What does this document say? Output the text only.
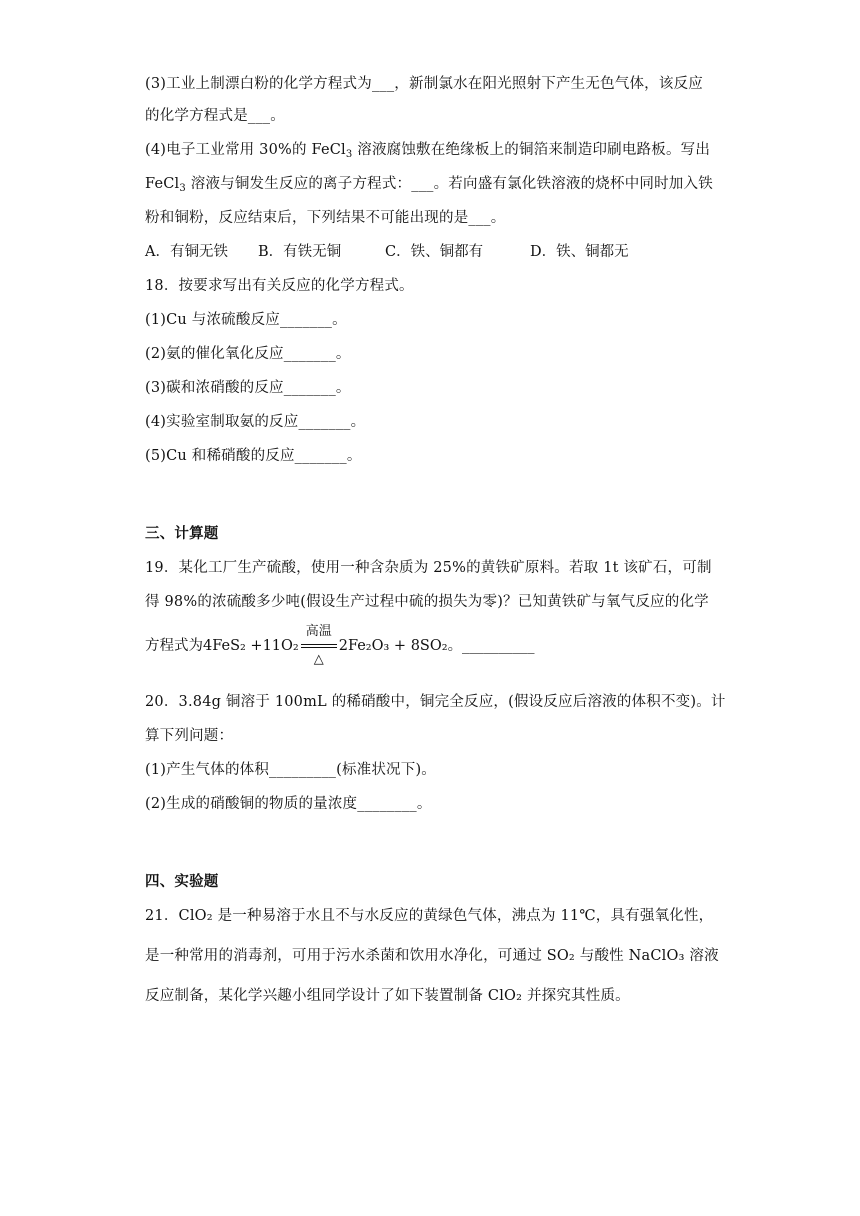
(3)工业上制漂白粉的化学方程式为___，新制氯水在阳光照射下产生无色气体，该反应
的化学方程式是___。
(4)电子工业常用 30%的 FeCl$_3$ 溶液腐蚀敷在绝缘板上的铜箔来制造印刷电路板。写出
FeCl$_3$ 溶液与铜发生反应的离子方程式：___。若向盛有氯化铁溶液的烧杯中同时加入铁
粉和铜粉，反应结束后，下列结果不可能出现的是___。
A．有铜无铁 B．有铁无铜	C．铁、铜都有	D．铁、铜都无
18．按要求写出有关反应的化学方程式。
(1)Cu 与浓硫酸反应_______。
(2)氨的催化氧化反应_______。
(3)碳和浓硝酸的反应_______。
(4)实验室制取氨的反应_______。
(5)Cu 和稀硝酸的反应_______。
三、计算题
19．某化工厂生产硫酸，使用一种含杂质为 25%的黄铁矿原料。若取 1t 该矿石，可制
得 98%的浓硫酸多少吨(假设生产过程中硫的损失为零)？已知黄铁矿与氧气反应的化学
方程式为4FeS₂ +11O₂
高温
△
2Fe₂O₃ + 8SO₂。__________
20．3.84g 铜溶于 100mL 的稀硝酸中，铜完全反应，(假设反应后溶液的体积不变)。计
算下列问题：
(1)产生气体的体积_________(标准状况下)。
(2)生成的硝酸铜的物质的量浓度________。
四、实验题
21．ClO₂ 是一种易溶于水且不与水反应的黄绿色气体，沸点为 11℃，具有强氧化性，
是一种常用的消毒剂，可用于污水杀菌和饮用水净化，可通过 SO₂ 与酸性 NaClO₃ 溶液
反应制备，某化学兴趣小组同学设计了如下装置制备 ClO₂ 并探究其性质。
